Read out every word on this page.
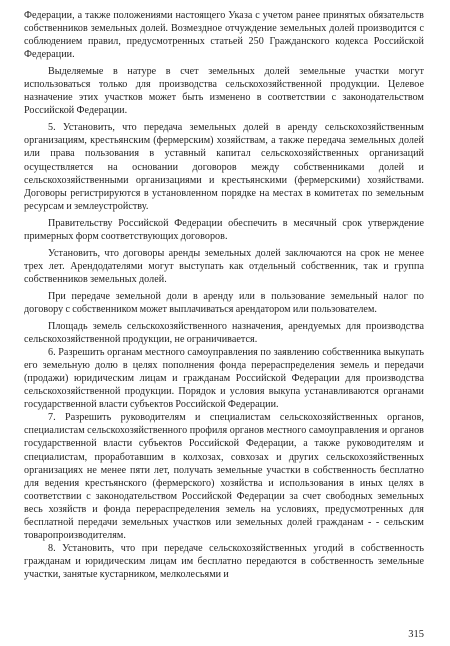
Федерации, а также положениями настоящего Указа с учетом ранее принятых обязательств собственников земельных долей. Возмездное отчуждение земельных долей производится с соблюдением правил, предусмотренных статьей 250 Гражданского кодекса Российской Федерации.

Выделяемые в натуре в счет земельных долей земельные участки могут использоваться только для производства сельскохозяйственной продукции. Целевое назначение этих участков может быть изменено в соответствии с законодательством Российской Федерации.

5. Установить, что передача земельных долей в аренду сельскохозяйственным организациям, крестьянским (фермерским) хозяйствам, а также передача земельных долей или права пользования в уставный капитал сельскохозяйственных организаций осуществляется на основании договоров между собственниками долей и сельскохозяйственными организациями и крестьянскими (фермерскими) хозяйствами. Договоры регистрируются в установленном порядке на местах в комитетах по земельным ресурсам и землеустройству.

Правительству Российской Федерации обеспечить в месячный срок утверждение примерных форм соответствующих договоров.

Установить, что договоры аренды земельных долей заключаются на срок не менее трех лет. Арендодателями могут выступать как отдельный собственник, так и группа собственников земельных долей.

При передаче земельной доли в аренду или в пользование земельный налог по договору с собственником может выплачиваться арендатором или пользователем.

Площадь земель сельскохозяйственного назначения, арендуемых для производства сельскохозяйственной продукции, не ограничивается.

6. Разрешить органам местного самоуправления по заявлению собственника выкупать его земельную долю в целях пополнения фонда перераспределения земель и передачи (продажи) юридическим лицам и гражданам Российской Федерации для производства сельскохозяйственной продукции. Порядок и условия выкупа устанавливаются органами государственной власти субъектов Российской Федерации.

7. Разрешить руководителям и специалистам сельскохозяйственных органов, специалистам сельскохозяйственного профиля органов местного самоуправления и органов государственной власти субъектов Российской Федерации, а также руководителям и специалистам, проработавшим в колхозах, совхозах и других сельскохозяйственных организациях не менее пяти лет, получать земельные участки в собственность бесплатно для ведения крестьянского (фермерского) хозяйства и использования в иных целях в соответствии с законодательством Российской Федерации за счет свободных земельных весь хозяйств и фонда перераспределения земель на условиях, предусмотренных для бесплатной передачи земельных участков или земельных долей гражданам - - сельским товаропроизводителям.

8. Установить, что при передаче сельскохозяйственных угодий в собственность гражданам и юридическим лицам им бесплатно передаются в собственность земельные участки, занятые кустарником, мелколесьями и

315
